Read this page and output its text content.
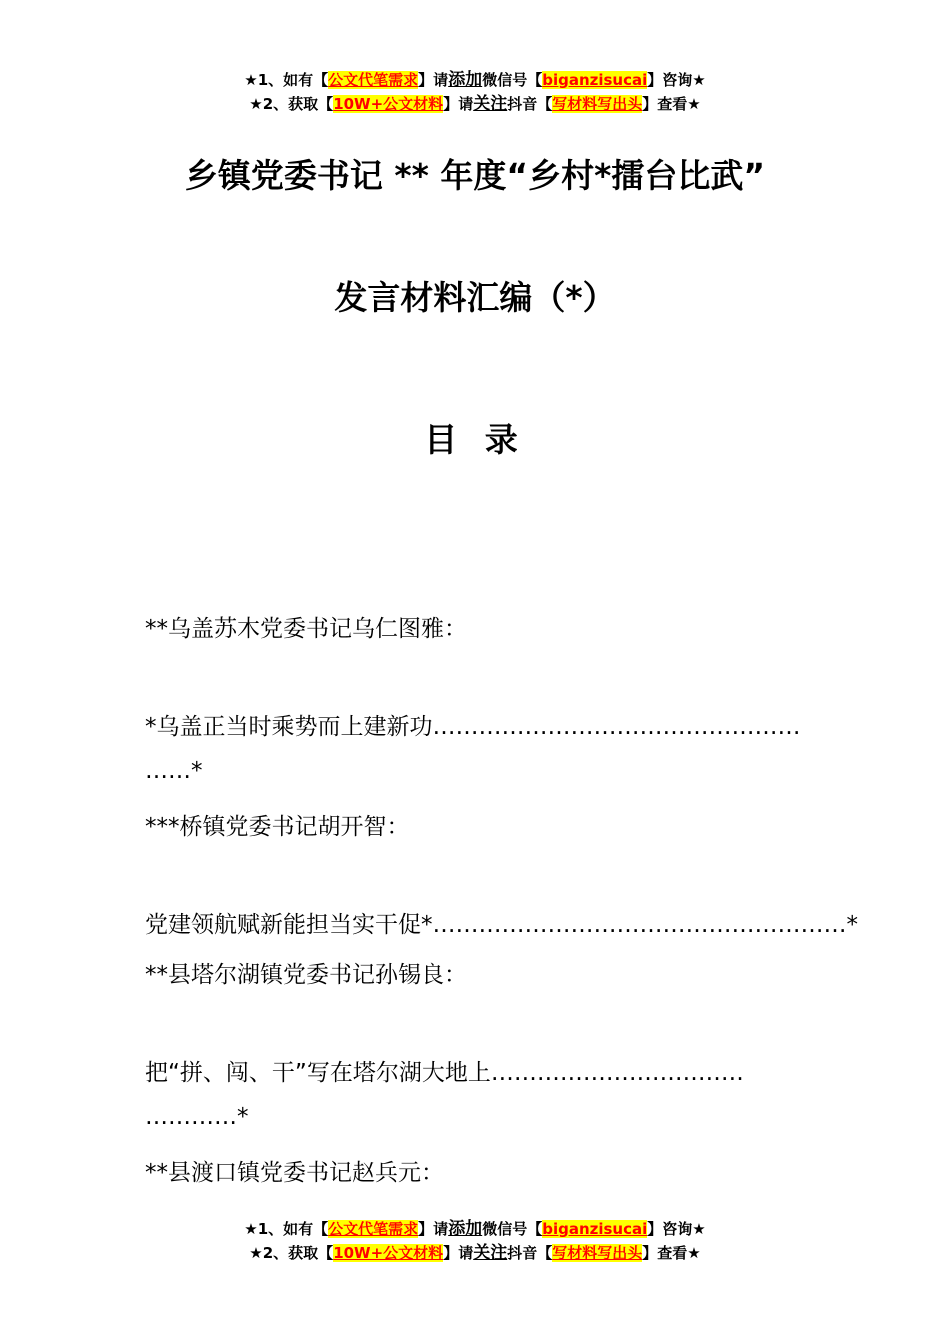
★1、如有【公文代笔需求】请添加微信号【biganzisucai】咨询★
★2、获取【10W+公文材料】请关注抖音【写材料写出头】查看★
乡镇党委书记 ** 年度“乡村*擂台比武”
发言材料汇编（*）
目 录
**乌盖苏木党委书记乌仁图雅：
*乌盖正当时乘势而上建新功…………………………………………
……*
***桥镇党委书记胡开智：
党建领航赋新能担当实干促*………………………………………………*
**县塔尔湖镇党委书记孙锡良：
把“拼、闯、干”写在塔尔湖大地上……………………………
…………*
**县渡口镇党委书记赵兵元：
★1、如有【公文代笔需求】请添加微信号【biganzisucai】咨询★
★2、获取【10W+公文材料】请关注抖音【写材料写出头】查看★
